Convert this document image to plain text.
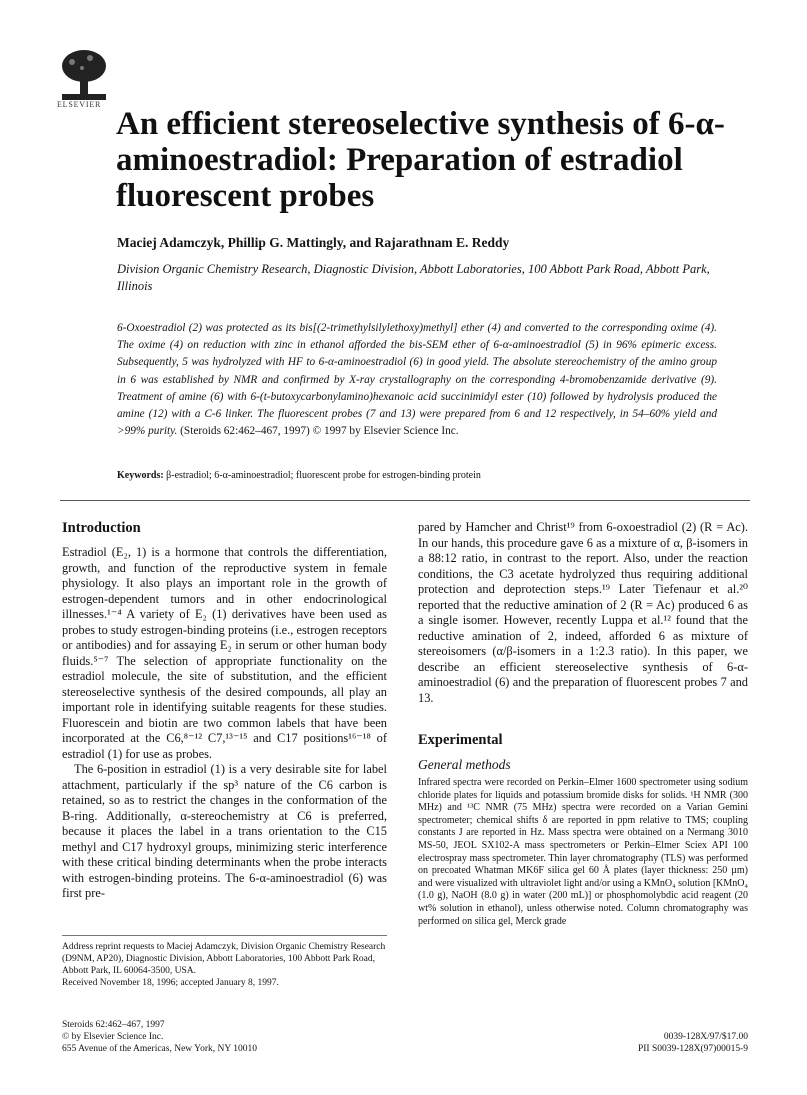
ELSEVIER
An efficient stereoselective synthesis of 6-α-aminoestradiol: Preparation of estradiol fluorescent probes
Maciej Adamczyk, Phillip G. Mattingly, and Rajarathnam E. Reddy
Division Organic Chemistry Research, Diagnostic Division, Abbott Laboratories, 100 Abbott Park Road, Abbott Park, Illinois
6-Oxoestradiol (2) was protected as its bis[(2-trimethylsilylethoxy)methyl] ether (4) and converted to the corresponding oxime (4). The oxime (4) on reduction with zinc in ethanol afforded the bis-SEM ether of 6-α-aminoestradiol (5) in 96% epimeric excess. Subsequently, 5 was hydrolyzed with HF to 6-α-aminoestradiol (6) in good yield. The absolute stereochemistry of the amino group in 6 was established by NMR and confirmed by X-ray crystallography on the corresponding 4-bromobenzamide derivative (9). Treatment of amine (6) with 6-(t-butoxycarbonylamino)hexanoic acid succinimidyl ester (10) followed by hydrolysis produced the amine (12) with a C-6 linker. The fluorescent probes (7 and 13) were prepared from 6 and 12 respectively, in 54–60% yield and >99% purity. (Steroids 62:462–467, 1997) © 1997 by Elsevier Science Inc.
Keywords: β-estradiol; 6-α-aminoestradiol; fluorescent probe for estrogen-binding protein
Introduction

Estradiol (E₂, 1) is a hormone that controls the differentiation, growth, and function of the reproductive system in female physiology. It also plays an important role in the growth of estrogen-dependent tumors and in other endocrinological illnesses.¹⁻⁴ A variety of E₂ (1) derivatives have been used as probes to study estrogen-binding proteins (i.e., estrogen receptors or antibodies) and for assaying E₂ in serum or other human body fluids.⁵⁻⁷ The selection of appropriate functionality on the estradiol molecule, the site of substitution, and the efficient stereoselective synthesis of the desired compounds, all play an important role in identifying suitable reagents for these studies. Fluorescein and biotin are two common labels that have been incorporated at the C6,⁸⁻¹² C7,¹³⁻¹⁵ and C17 positions¹⁶⁻¹⁸ of estradiol (1) for use as probes.

The 6-position in estradiol (1) is a very desirable site for label attachment, particularly if the sp³ nature of the C6 carbon is retained, so as to restrict the changes in the conformation of the B-ring. Additionally, α-stereochemistry at C6 is preferred, because it places the label in a trans orientation to the C15 methyl and C17 hydroxyl groups, minimizing steric interference with these critical binding determinants when the probe interacts with estrogen-binding proteins. The 6-α-aminoestradiol (6) was first pre-

pared by Hamcher and Christ¹⁹ from 6-oxoestradiol (2) (R = Ac). In our hands, this procedure gave 6 as a mixture of α, β-isomers in a 88:12 ratio, in contrast to the report. Also, under the reaction conditions, the C3 acetate hydrolyzed thus requiring additional protection and deprotection steps.¹⁹ Later Tiefenaur et al.²⁰ reported that the reductive amination of 2 (R = Ac) produced 6 as a single isomer. However, recently Luppa et al.¹² found that the reductive amination of 2, indeed, afforded 6 as mixture of stereoisomers (α/β-isomers in a 1:2.3 ratio). In this paper, we describe an efficient stereoselective synthesis of 6-α-aminoestradiol (6) and the preparation of fluorescent probes 7 and 13.

Experimental
General methods

Infrared spectra were recorded on Perkin–Elmer 1600 spectrometer using sodium chloride plates for liquids and potassium bromide disks for solids. ¹H NMR (300 MHz) and ¹³C NMR (75 MHz) spectra were recorded on a Varian Gemini spectrometer; chemical shifts δ are reported in ppm relative to TMS; coupling constants J are reported in Hz. Mass spectra were obtained on a Nermang 3010 MS-50, JEOL SX102-A mass spectrometers or Perkin–Elmer Sciex API 100 electrospray mass spectrometer. Thin layer chromatography (TLS) was performed on precoated Whatman MK6F silica gel 60 Å plates (layer thickness: 250 µm) and were visualized with ultraviolet light and/or using a KMnO₄ solution [KMnO₄ (1.0 g), NaOH (8.0 g) in water (200 mL)] or phosphomolybdic acid reagent (20 wt% solution in ethanol), unless otherwise noted. Column chromatography was performed on silica gel, Merck grade

Address reprint requests to Maciej Adamczyk, Division Organic Chemistry Research (D9NM, AP20), Diagnostic Division, Abbott Laboratories, 100 Abbott Park Road, Abbott Park, IL 60064-3500, USA.
Received November 18, 1996; accepted January 8, 1997.
Steroids 62:462–467, 1997
© by Elsevier Science Inc.
655 Avenue of the Americas, New York, NY 10010
0039-128X/97/$17.00
PII S0039-128X(97)00015-9
